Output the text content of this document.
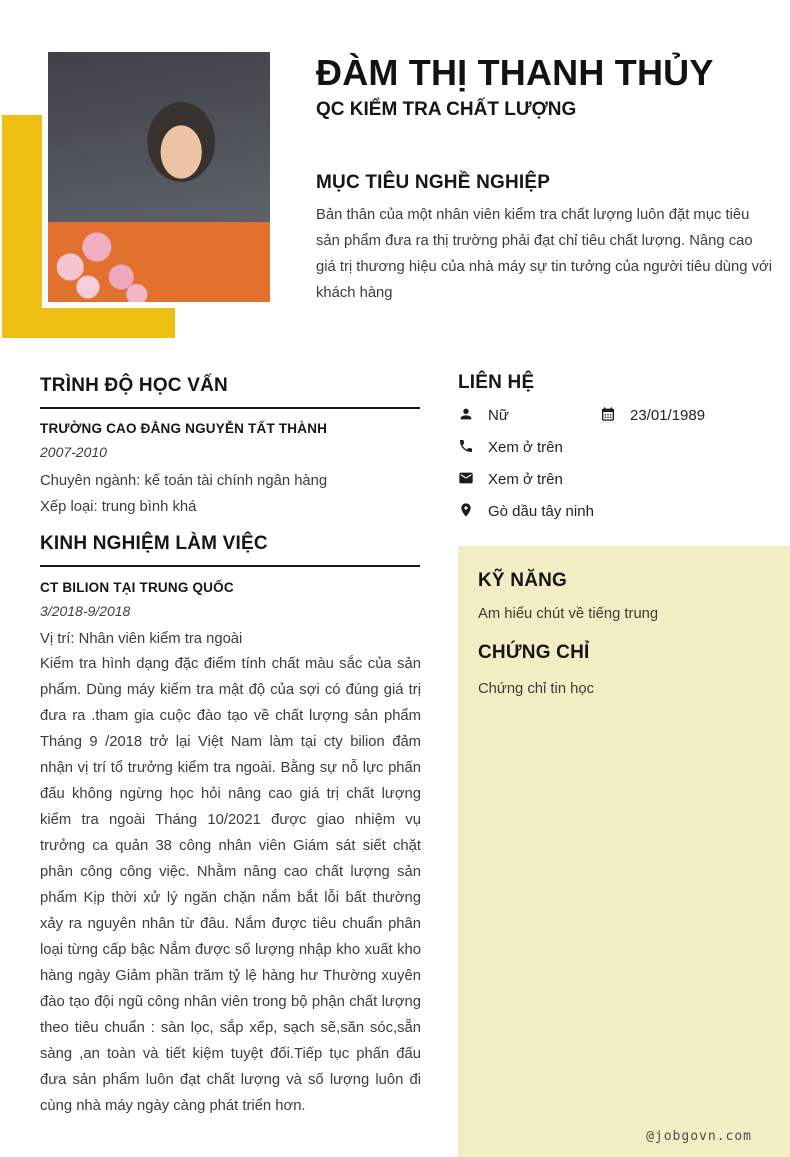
ĐÀM THỊ THANH THỦY
QC KIỂM TRA CHẤT LƯỢNG
MỤC TIÊU NGHỀ NGHIỆP
Bản thân của một nhân viên kiểm tra chất lượng luôn đặt mục tiêu sản phẩm đưa ra thị trường phải đạt chỉ tiêu chất lượng. Nâng cao giá trị thương hiệu của nhà máy sự tin tưởng của người tiêu dùng với khách hàng
TRÌNH ĐỘ HỌC VẤN
TRƯỜNG CAO ĐẲNG NGUYỄN TẤT THÀNH
2007-2010
Chuyên ngành: kế toán tài chính ngân hàng
Xếp loại: trung bình khá
KINH NGHIỆM LÀM VIỆC
CT BILION TẠI TRUNG QUỐC
3/2018-9/2018
Vị trí: Nhân viên kiểm tra ngoài
Kiểm tra hình dạng đặc điểm tính chất màu sắc của sản phẩm. Dùng máy kiểm tra mật độ của sợi có đúng giá trị đưa ra .tham gia cuộc đào tạo về chất lượng sản phẩm Tháng 9 /2018 trở lại Việt Nam làm tại cty bilion đảm nhận vị trí tổ trưởng kiểm tra ngoài. Bằng sự nỗ lực phấn đấu không ngừng học hỏi nâng cao giá trị chất lượng kiểm tra ngoài Tháng 10/2021 được giao nhiệm vụ trưởng ca quản 38 công nhân viên Giám sát siết chặt phân công công việc. Nhằm nâng cao chất lượng sản phẩm Kịp thời xử lý ngăn chặn nắm bắt lỗi bất thường xảy ra nguyên nhân từ đâu. Nắm được tiêu chuẩn phân loại từng cấp bậc Nắm được số lượng nhập kho xuất kho hàng ngày Giảm phần trăm tỷ lệ hàng hư Thường xuyên đào tạo đội ngũ công nhân viên trong bộ phận chất lượng theo tiêu chuẩn : sàn lọc, sắp xếp, sạch sẽ,săn sóc,sẵn sàng ,an toàn và tiết kiệm tuyệt đối.Tiếp tục phấn đấu đưa sản phẩm luôn đạt chất lượng và số lượng luôn đi cùng nhà máy ngày càng phát triển hơn.
LIÊN HỆ
Nữ	23/01/1989
Xem ở trên
Xem ở trên
Gò dầu tây ninh
KỸ NĂNG
Am hiểu chút về tiếng trung
CHỨNG CHỈ
Chứng chỉ tin học
@jobgovn.com
